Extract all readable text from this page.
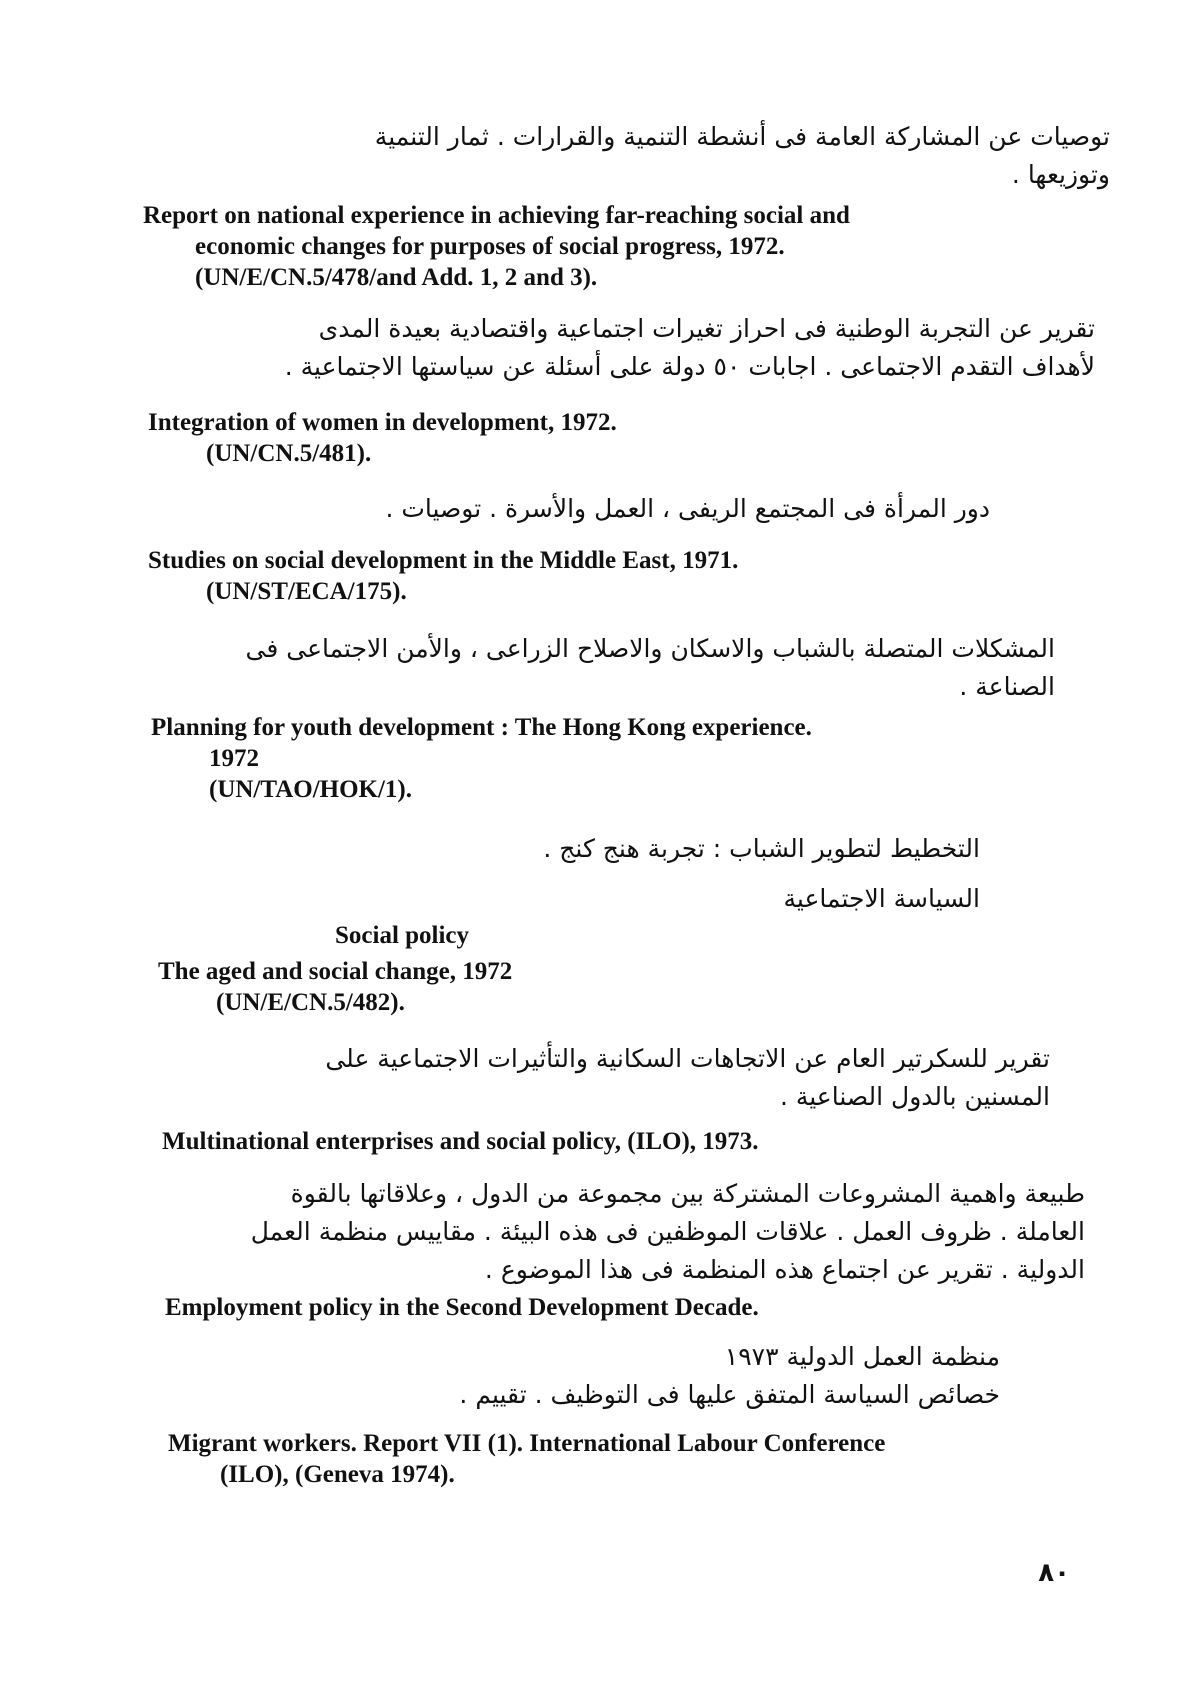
توصيات عن المشاركة العامة فى أنشطة التنمية والقرارات . ثمار التنمية
وتوزيعها .
Report on national experience in achieving far-reaching social and
economic changes for purposes of social progress, 1972.
(UN/E/CN.5/478/and Add. 1, 2 and 3).
تقرير عن التجربة الوطنية فى احراز تغيرات اجتماعية واقتصادية بعيدة المدى
لأهداف التقدم الاجتماعى . اجابات ٥٠ دولة على أسئلة عن سياستها الاجتماعية .
Integration of women in development, 1972.
(UN/CN.5/481).
دور المرأة فى المجتمع الريفى ، العمل والأسرة . توصيات .
Studies on social development in the Middle East, 1971.
(UN/ST/ECA/175).
المشكلات المتصلة بالشباب والاسكان والاصلاح الزراعى ، والأمن الاجتماعى فى
الصناعة .
Planning for youth development : The Hong Kong experience.
1972
(UN/TAO/HOK/1).
التخطيط لتطوير الشباب : تجربة هنج كنج .
السياسة الاجتماعية
Social policy
The aged and social change, 1972
(UN/E/CN.5/482).
تقرير للسكرتير العام عن الاتجاهات السكانية والتأثيرات الاجتماعية على
المسنين بالدول الصناعية .
Multinational enterprises and social policy, (ILO), 1973.
طبيعة واهمية المشروعات المشتركة بين مجموعة من الدول ، وعلاقاتها بالقوة
العاملة . ظروف العمل . علاقات الموظفين فى هذه البيئة . مقاييس منظمة العمل
الدولية . تقرير عن اجتماع هذه المنظمة فى هذا الموضوع .
Employment policy in the Second Development Decade.
منظمة العمل الدولية ١٩٧٣
خصائص السياسة المتفق عليها فى التوظيف . تقييم .
Migrant workers. Report VII (1). International Labour Conference
(ILO), (Geneva 1974).
٨٠
